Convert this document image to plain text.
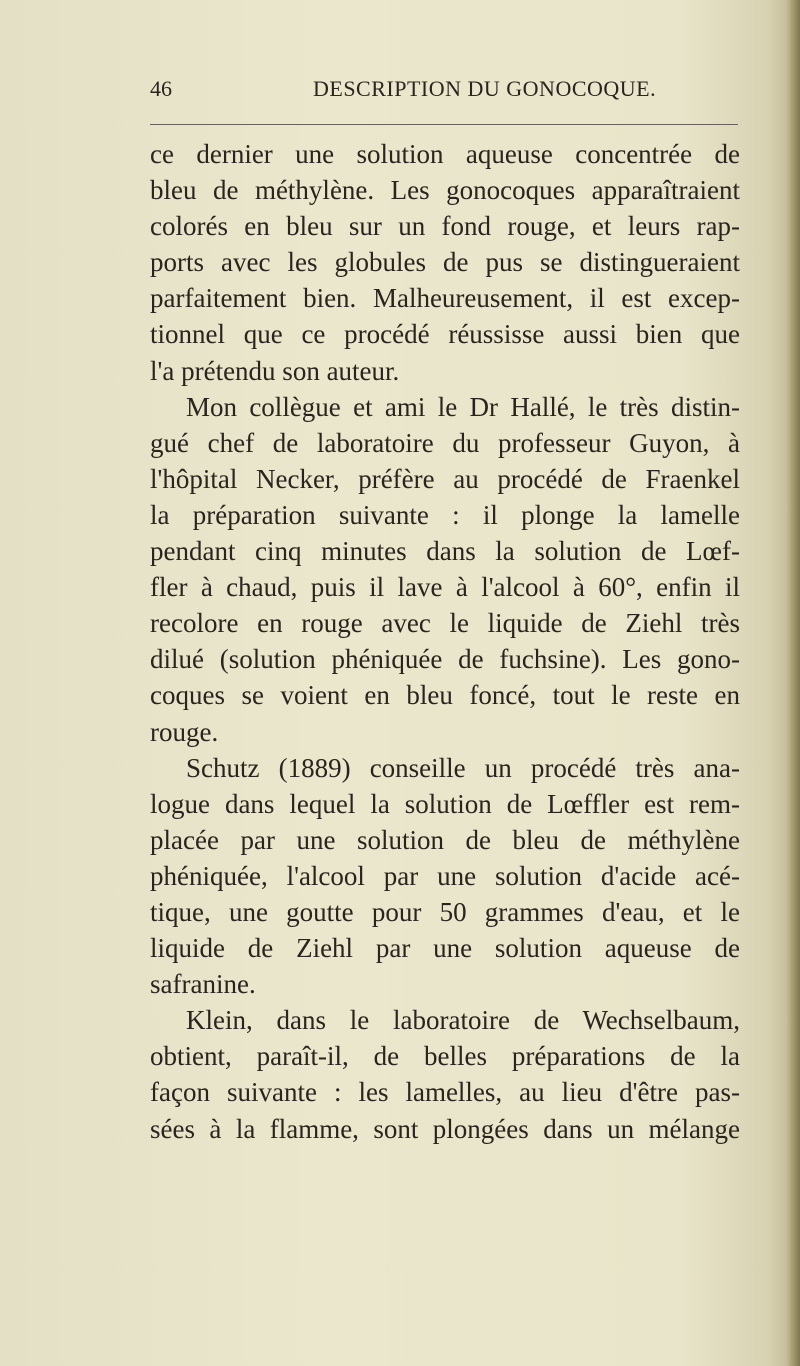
46	DESCRIPTION DU GONOCOQUE.
ce dernier une solution aqueuse concentrée de
bleu de méthylène. Les gonocoques apparaîtraient
colorés en bleu sur un fond rouge, et leurs rap-
ports avec les globules de pus se distingueraient
parfaitement bien. Malheureusement, il est excep-
tionnel que ce procédé réussisse aussi bien que
l'a prétendu son auteur.
Mon collègue et ami le Dr Hallé, le très distin-
gué chef de laboratoire du professeur Guyon, à
l'hôpital Necker, préfère au procédé de Fraenkel
la préparation suivante : il plonge la lamelle
pendant cinq minutes dans la solution de Lœf-
fler à chaud, puis il lave à l'alcool à 60°, enfin il
recolore en rouge avec le liquide de Ziehl très
dilué (solution phéniquée de fuchsine). Les gono-
coques se voient en bleu foncé, tout le reste en
rouge.
Schutz (1889) conseille un procédé très ana-
logue dans lequel la solution de Lœffler est rem-
placée par une solution de bleu de méthylène
phéniquée, l'alcool par une solution d'acide acé-
tique, une goutte pour 50 grammes d'eau, et le
liquide de Ziehl par une solution aqueuse de
safranine.
Klein, dans le laboratoire de Wechselbaum,
obtient, paraît-il, de belles préparations de la
façon suivante : les lamelles, au lieu d'être pas-
sées à la flamme, sont plongées dans un mélange
